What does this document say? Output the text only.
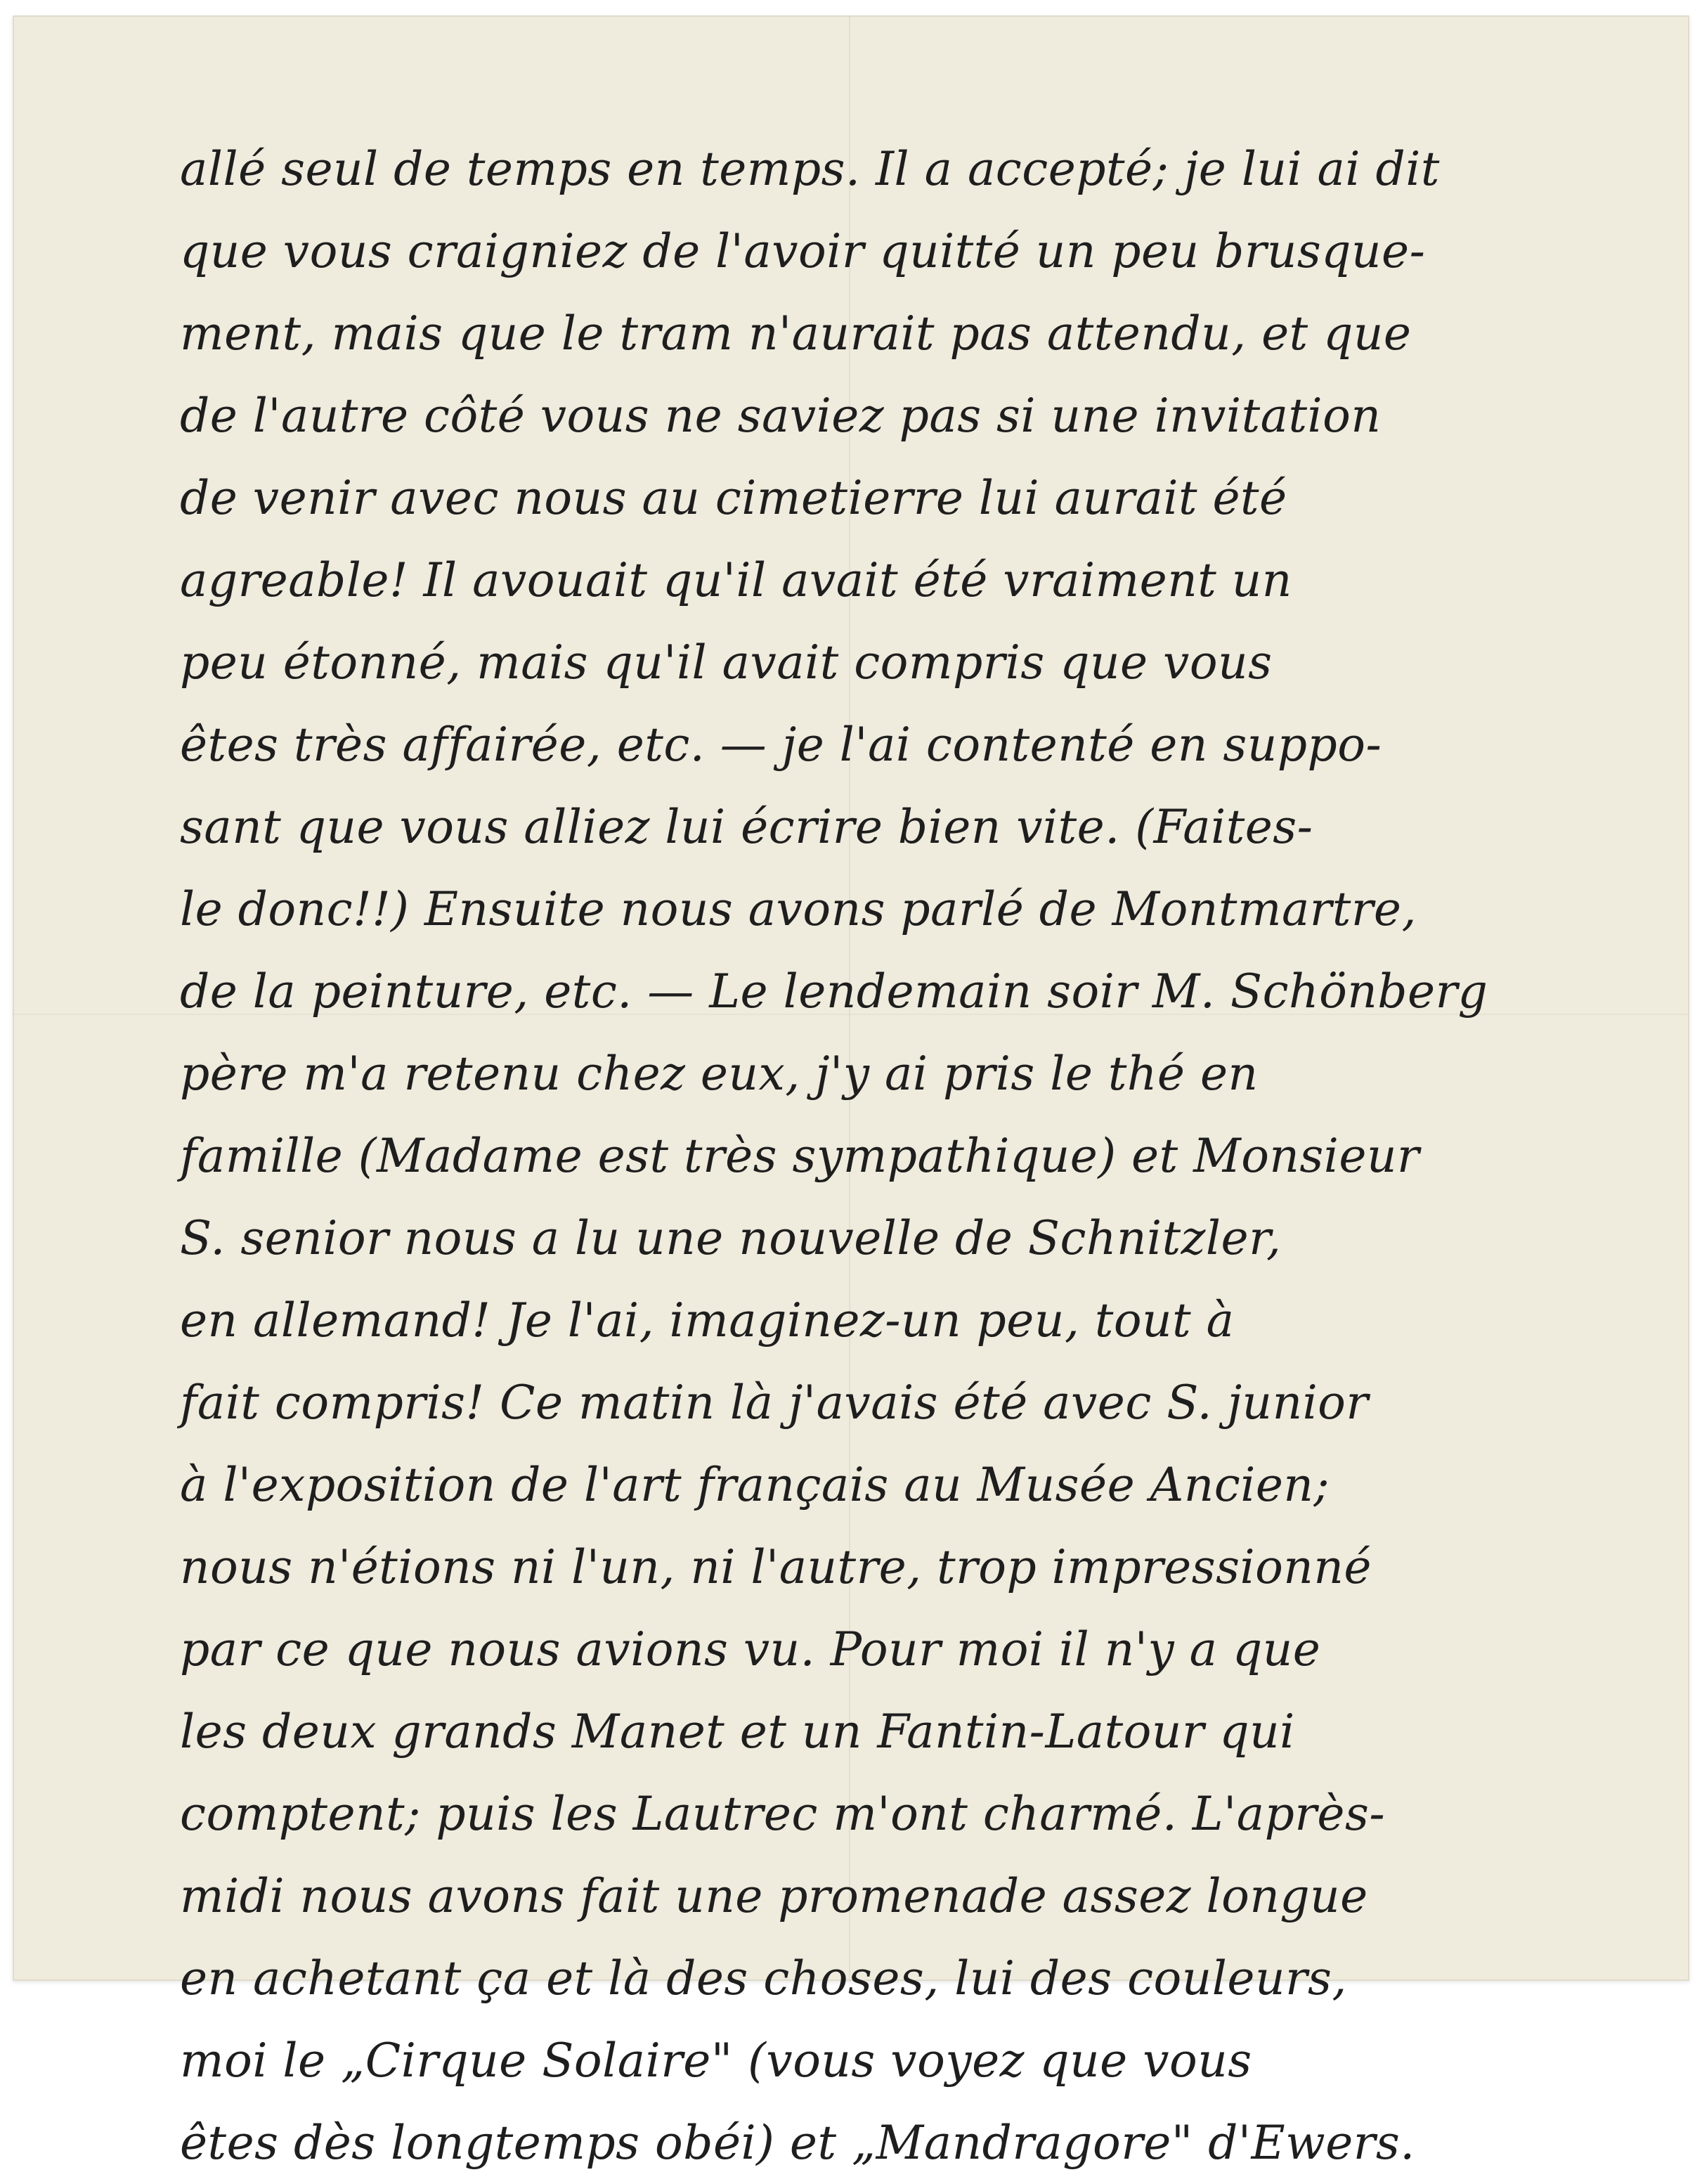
allé seul de temps en temps. Il a accepté; je lui ai dit
que vous craigniez de l'avoir quitté un peu brusque-
ment, mais que le tram n'aurait pas attendu, et que
de l'autre côté vous ne saviez pas si une invitation
de venir avec nous au cimetierre lui aurait été
agreable! Il avouait qu'il avait été vraiment un
peu étonné, mais qu'il avait compris que vous
êtes très affairée, etc. — je l'ai contenté en suppo-
sant que vous alliez lui écrire bien vite. (Faites-
le donc!!) Ensuite nous avons parlé de Montmartre,
de la peinture, etc. — Le lendemain soir M. Schönberg
père m'a retenu chez eux, j'y ai pris le thé en
famille (Madame est très sympathique) et Monsieur
S. senior nous a lu une nouvelle de Schnitzler,
en allemand! Je l'ai, imaginez-un peu, tout à
fait compris! Ce matin là j'avais été avec S. junior
à l'exposition de l'art français au Musée Ancien;
nous n'étions ni l'un, ni l'autre, trop impressionné
par ce que nous avions vu. Pour moi il n'y a que
les deux grands Manet et un Fantin-Latour qui
comptent; puis les Lautrec m'ont charmé. L'après-
midi nous avons fait une promenade assez longue
en achetant ça et là des choses, lui des couleurs,
moi le „Cirque Solaire" (vous voyez que vous
êtes dès longtemps obéi) et „Mandragore" d'Ewers.
